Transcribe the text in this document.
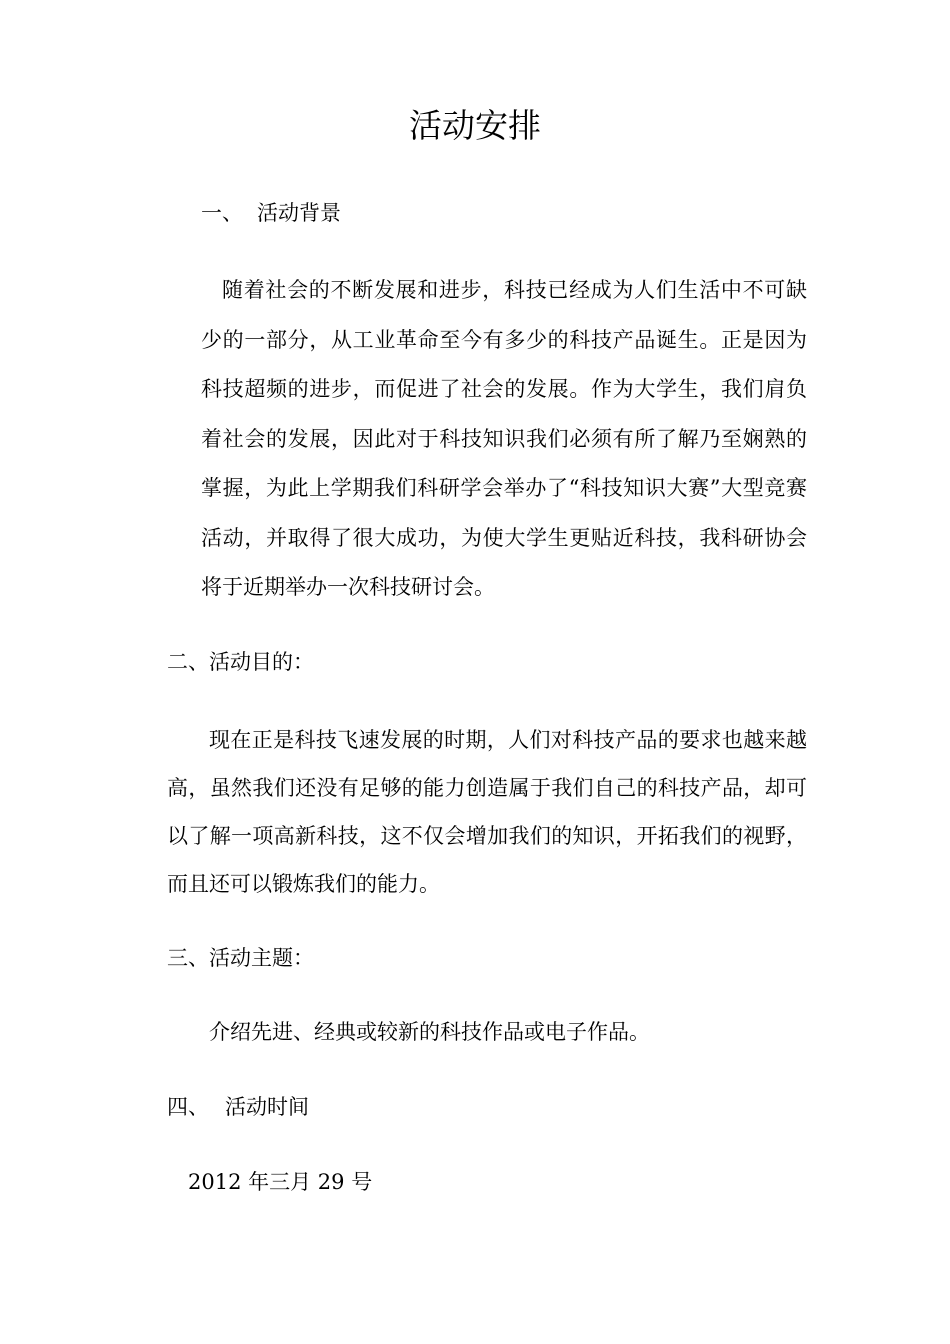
活动安排
一、 活动背景

随着社会的不断发展和进步，科技已经成为人们生活中不可缺少的一部分，从工业革命至今有多少的科技产品诞生。正是因为科技超频的进步，而促进了社会的发展。作为大学生，我们肩负着社会的发展，因此对于科技知识我们必须有所了解乃至娴熟的掌握，为此上学期我们科研学会举办了“科技知识大赛”大型竞赛活动，并取得了很大成功，为使大学生更贴近科技，我科研协会将于近期举办一次科技研讨会。

二、活动目的：

现在正是科技飞速发展的时期，人们对科技产品的要求也越来越高，虽然我们还没有足够的能力创造属于我们自己的科技产品，却可以了解一项高新科技，这不仅会增加我们的知识，开拓我们的视野，而且还可以锻炼我们的能力。

三、活动主题：

介绍先进、经典或较新的科技作品或电子作品。

四、 活动时间

2012 年三月 29 号
